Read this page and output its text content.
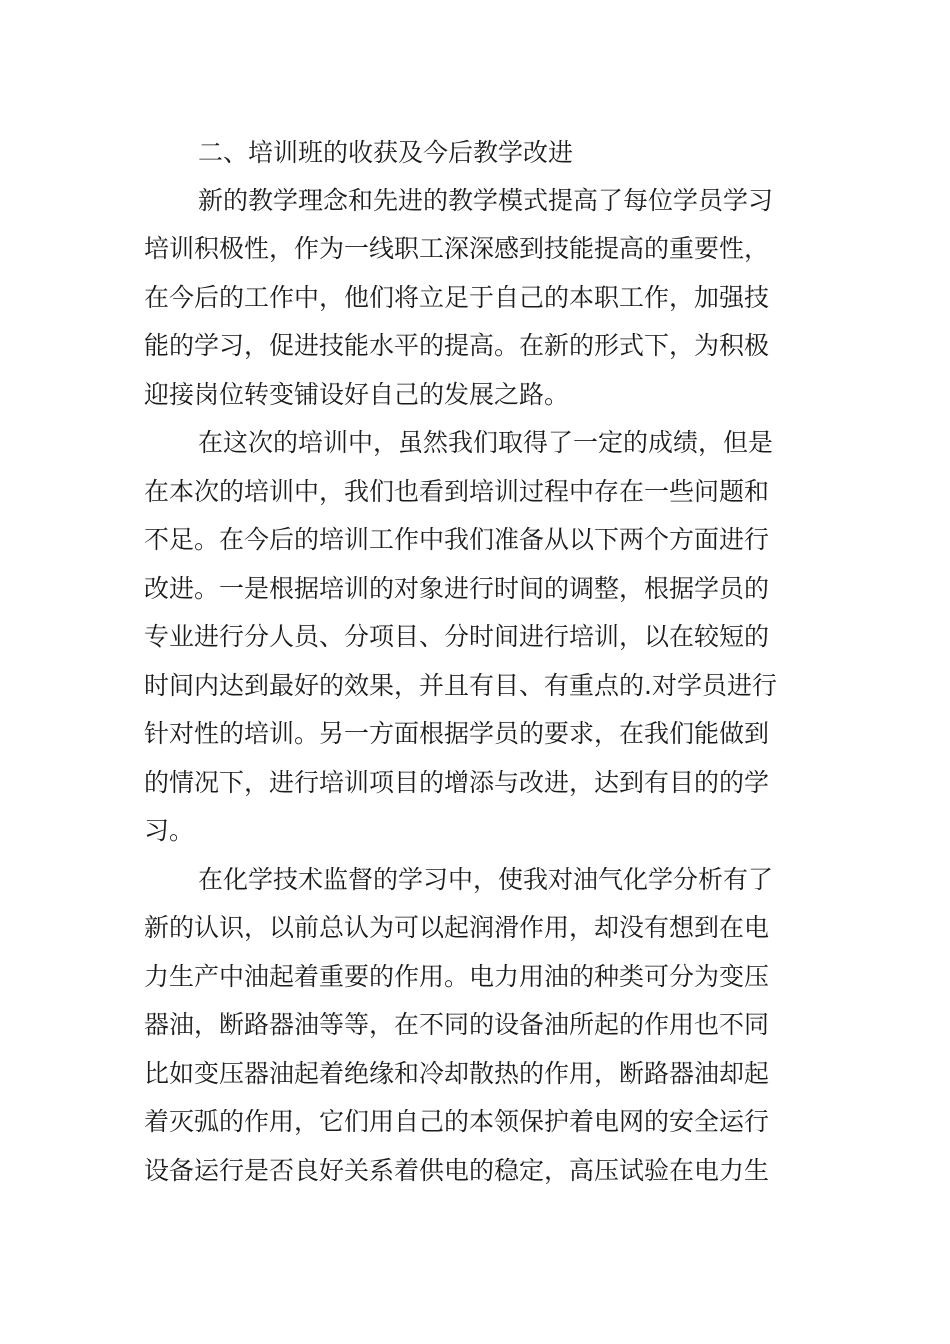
二、培训班的收获及今后教学改进

新的教学理念和先进的教学模式提高了每位学员学习

培训积极性，作为一线职工深深感到技能提高的重要性，

在今后的工作中，他们将立足于自己的本职工作，加强技

能的学习，促进技能水平的提高。在新的形式下，为积极

迎接岗位转变铺设好自己的发展之路。

在这次的培训中，虽然我们取得了一定的成绩，但是

在本次的培训中，我们也看到培训过程中存在一些问题和

不足。在今后的培训工作中我们准备从以下两个方面进行

改进。一是根据培训的对象进行时间的调整，根据学员的

专业进行分人员、分项目、分时间进行培训，以在较短的

时间内达到最好的效果，并且有目、有重点的.对学员进行

针对性的培训。另一方面根据学员的要求，在我们能做到

的情况下，进行培训项目的增添与改进，达到有目的的学

习。

在化学技术监督的学习中，使我对油气化学分析有了

新的认识，以前总认为可以起润滑作用，却没有想到在电

力生产中油起着重要的作用。电力用油的种类可分为变压

器油，断路器油等等，在不同的设备油所起的作用也不同

比如变压器油起着绝缘和冷却散热的作用，断路器油却起

着灭弧的作用，它们用自己的本领保护着电网的安全运行

设备运行是否良好关系着供电的稳定，高压试验在电力生
